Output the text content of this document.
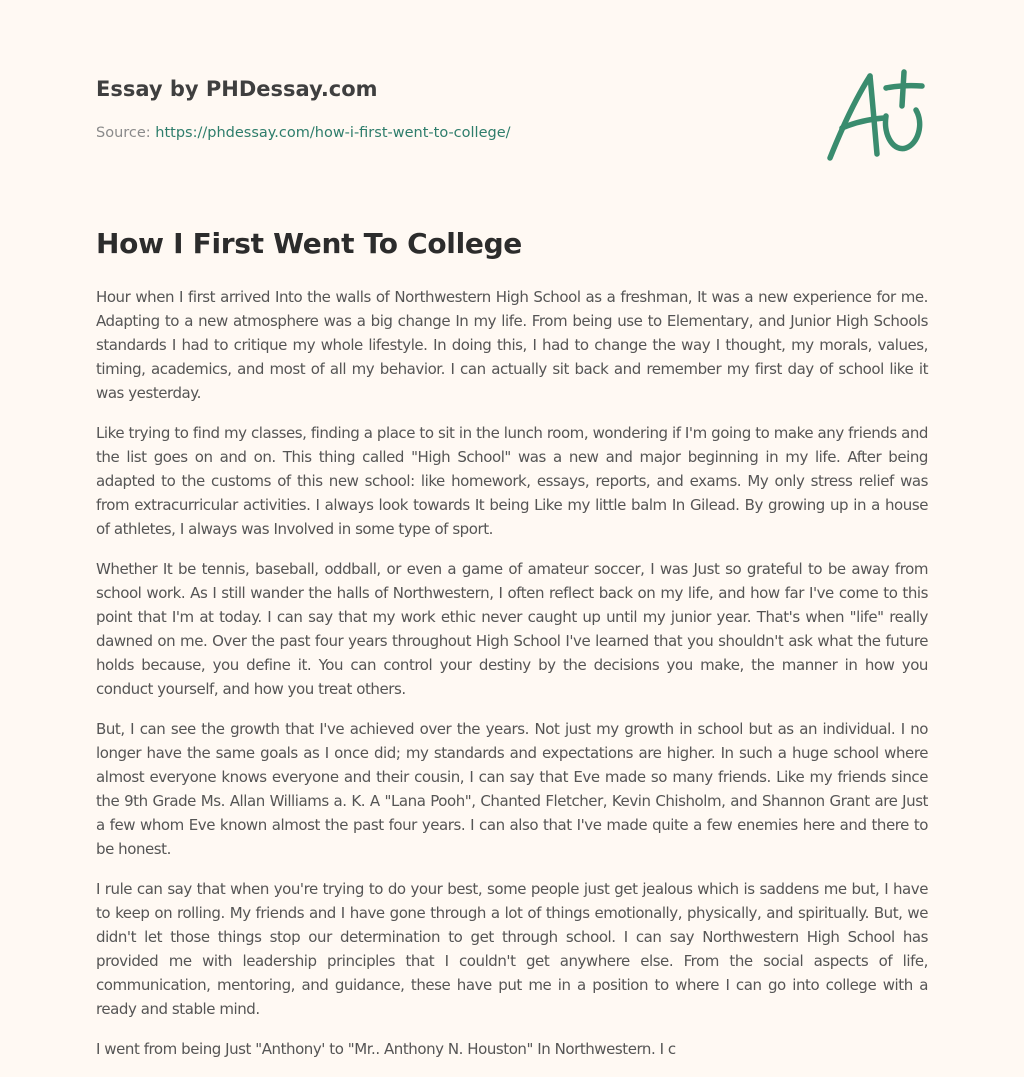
Essay by PHDessay.com
Source: https://phdessay.com/how-i-first-went-to-college/
How I First Went To College

Hour when I first arrived Into the walls of Northwestern High School as a freshman, It was a new experience for me. Adapting to a new atmosphere was a big change In my life. From being use to Elementary, and Junior High Schools standards I had to critique my whole lifestyle. In doing this, I had to change the way I thought, my morals, values, timing, academics, and most of all my behavior. I can actually sit back and remember my first day of school like it was yesterday.

Like trying to find my classes, finding a place to sit in the lunch room, wondering if I'm going to make any friends and the list goes on and on. This thing called "High School" was a new and major beginning in my life. After being adapted to the customs of this new school: like homework, essays, reports, and exams. My only stress relief was from extracurricular activities. I always look towards It being Like my little balm In Gilead. By growing up in a house of athletes, I always was Involved in some type of sport.

Whether It be tennis, baseball, oddball, or even a game of amateur soccer, I was Just so grateful to be away from school work. As I still wander the halls of Northwestern, I often reflect back on my life, and how far I've come to this point that I'm at today. I can say that my work ethic never caught up until my junior year. That's when "life" really dawned on me. Over the past four years throughout High School I've learned that you shouldn't ask what the future holds because, you define it. You can control your destiny by the decisions you make, the manner in how you conduct yourself, and how you treat others.

But, I can see the growth that I've achieved over the years. Not just my growth in school but as an individual. I no longer have the same goals as I once did; my standards and expectations are higher. In such a huge school where almost everyone knows everyone and their cousin, I can say that Eve made so many friends. Like my friends since the 9th Grade Ms. Allan Williams a. K. A "Lana Pooh", Chanted Fletcher, Kevin Chisholm, and Shannon Grant are Just a few whom Eve known almost the past four years. I can also that I've made quite a few enemies here and there to be honest.

I rule can say that when you're trying to do your best, some people just get jealous which is saddens me but, I have to keep on rolling. My friends and I have gone through a lot of things emotionally, physically, and spiritually. But, we didn't let those things stop our determination to get through school. I can say Northwestern High School has provided me with leadership principles that I couldn't get anywhere else. From the social aspects of life, communication, mentoring, and guidance, these have put me in a position to where I can go into college with a ready and stable mind.

I went from being Just "Anthony' to "Mr.. Anthony N. Houston" In Northwestern. I c
